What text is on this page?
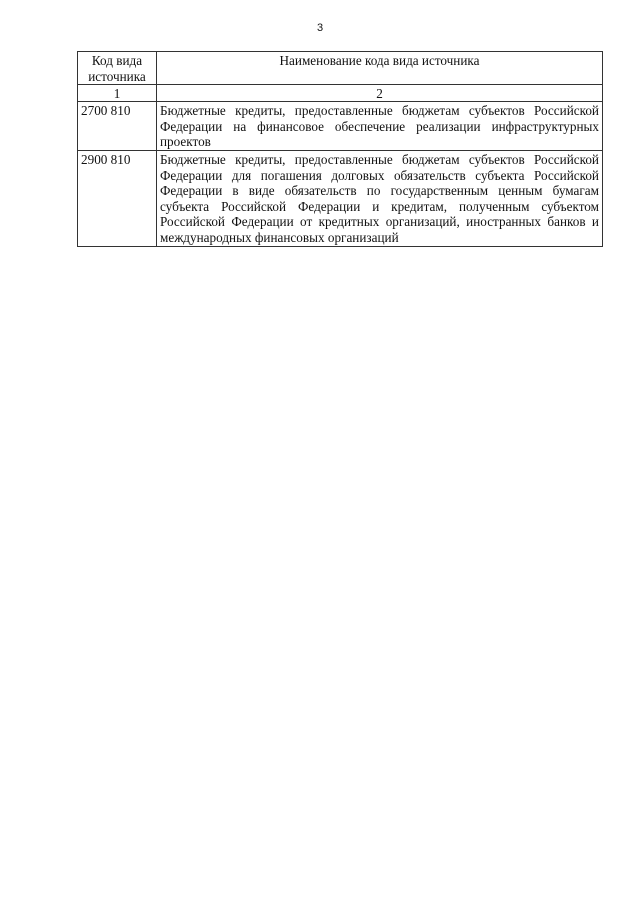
3
Код вида
источника	Наименование кода вида источника
1	2
2700 810	Бюджетные кредиты, предоставленные бюджетам субъектов Российской Федерации на финансовое обеспечение реализации инфраструктурных проектов
2900 810	Бюджетные кредиты, предоставленные бюджетам субъектов Российской Федерации для погашения долговых обязательств субъекта Российской Федерации в виде обязательств по государственным ценным бумагам субъекта Российской Федерации и кредитам, полученным субъектом Российской Федерации от кредитных организаций, иностранных банков и международных финансовых организаций
